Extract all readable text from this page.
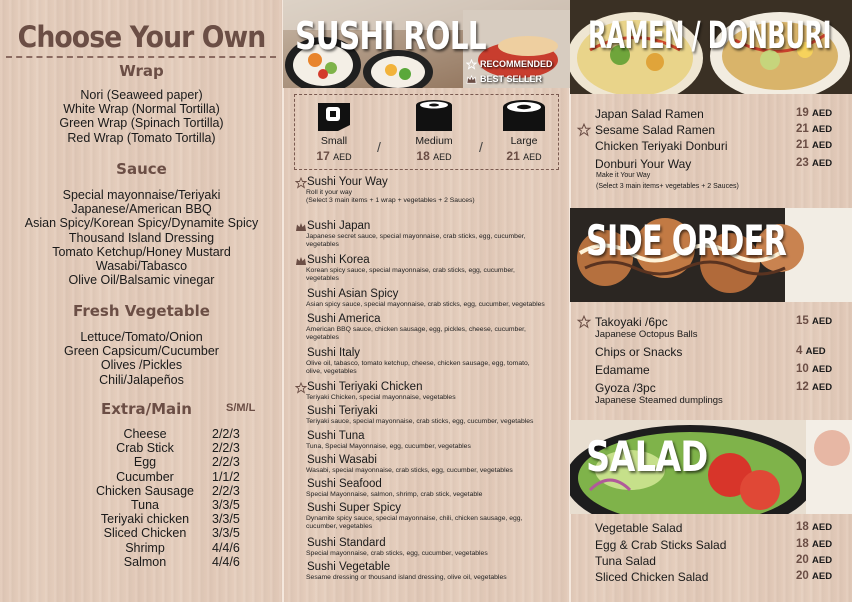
Choose Your Own
Wrap
Nori (Seaweed paper)
White Wrap (Normal Tortilla)
Green Wrap (Spinach Tortilla)
Red Wrap (Tomato Tortilla)
Sauce
Special mayonnaise/Teriyaki
Japanese/American BBQ
Asian Spicy/Korean Spicy/Dynamite Spicy
Thousand Island Dressing
Tomato Ketchup/Honey Mustard
Wasabi/Tabasco
Olive Oil/Balsamic vinegar
Fresh Vegetable
Lettuce/Tomato/Onion
Green Capsicum/Cucumber
Olives /Pickles
Chili/Jalapeños
Extra/Main	S/M/L
Cheese	2/2/3
Crab Stick	2/2/3
Egg	2/2/3
Cucumber	1/1/2
Chicken Sausage	2/2/3
Tuna	3/3/5
Teriyaki chicken	3/3/5
Sliced Chicken	3/3/5
Shrimp	4/4/6
Salmon	4/4/6
SUSHI ROLL
RECOMMENDED
BEST SELLER
Small
17 AED
/	Medium
18 AED
/	Large
21 AED
Sushi Your Way
Roll it your way
(Select 3 main items + 1 wrap + vegetables + 2 Sauces)
Sushi Japan
Japanese secret sauce, special mayonnaise, crab sticks, egg, cucumber,
vegetables
Sushi Korea
Korean spicy sauce, special mayonnaise, crab sticks, egg, cucumber,
vegetables
Sushi Asian Spicy
Asian spicy sauce, special mayonnaise, crab sticks, egg, cucumber, vegetables
Sushi America
American BBQ sauce, chicken sausage, egg, pickles, cheese, cucumber,
vegetables
Sushi Italy
Olive oil, tabasco, tomato ketchup, cheese, chicken sausage, egg, tomato,
olive, vegetables
Sushi Teriyaki Chicken
Teriyaki Chicken, special mayonnaise, vegetables
Sushi Teriyaki
Teriyaki sauce, special mayonnaise, crab sticks, egg, cucumber, vegetables
Sushi Tuna
Tuna, Special Mayonnaise, egg, cucumber, vegetables
Sushi Wasabi
Wasabi, special mayonnaise, crab sticks, egg, cucumber, vegetables
Sushi Seafood
Special Mayonnaise, salmon, shrimp, crab stick, vegetable
Sushi Super Spicy
Dynamite spicy sauce, special mayonnaise, chili, chicken sausage, egg,
cucumber, vegetables
Sushi Standard
Special mayonnaise, crab sticks, egg, cucumber, vegetables
Sushi Vegetable
Sesame dressing or thousand island dressing, olive oil, vegetables
RAMEN / DONBURI
Japan Salad Ramen	19 AED
Sesame Salad Ramen	21 AED
Chicken Teriyaki Donburi	21 AED
Donburi Your Way	23 AED
Make it Your Way
(Select 3 main items+ vegetables + 2 Sauces)
SIDE ORDER
Takoyaki /6pc	15 AED
Japanese Octopus Balls
Chips or Snacks	4 AED
Edamame	10 AED
Gyoza /3pc	12 AED
Japanese Steamed dumplings
SALAD
Vegetable Salad	18 AED
Egg & Crab Sticks Salad	18 AED
Tuna Salad	20 AED
Sliced Chicken Salad	20 AED
